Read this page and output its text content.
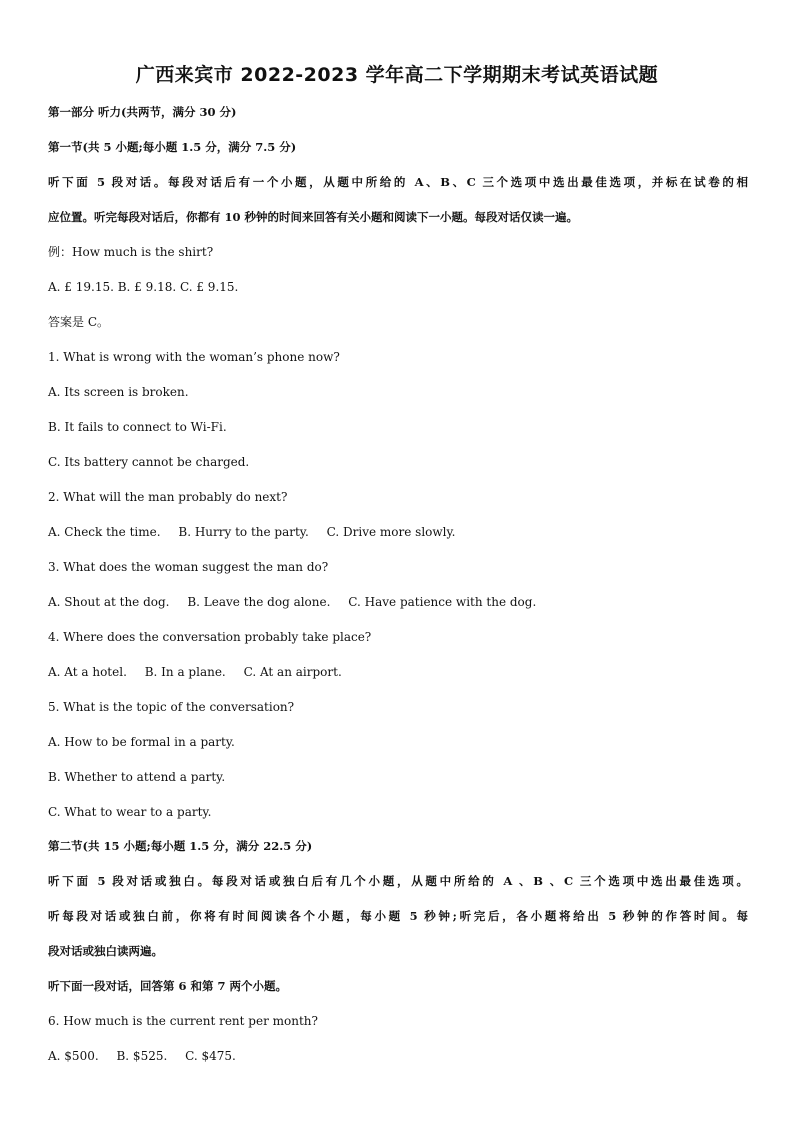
广西来宾市 2022-2023 学年高二下学期期末考试英语试题
第一部分 听力(共两节，满分 30 分)
第一节(共 5 小题;每小题 1.5 分，满分 7.5 分)
听下面 5 段对话。每段对话后有一个小题，从题中所给的 A、B、C 三个选项中选出最佳选项，并标在试卷的相
应位置。听完每段对话后，你都有 10 秒钟的时间来回答有关小题和阅读下一小题。每段对话仅读一遍。
例：How much is the shirt?
A. £ 19.15. B. £ 9.18. C. £ 9.15.
答案是 C。
1. What is wrong with the woman’s phone now?
A. Its screen is broken.
B. It fails to connect to Wi-Fi.
C. Its battery cannot be charged.
2. What will the man probably do next?
A. Check the time. B. Hurry to the party. C. Drive more slowly.
3. What does the woman suggest the man do?
A. Shout at the dog. B. Leave the dog alone. C. Have patience with the dog.
4. Where does the conversation probably take place?
A. At a hotel. B. In a plane. C. At an airport.
5. What is the topic of the conversation?
A. How to be formal in a party.
B. Whether to attend a party.
C. What to wear to a party.
第二节(共 15 小题;每小题 1.5 分，满分 22.5 分)
听下面 5 段对话或独白。每段对话或独白后有几个小题，从题中所给的 A 、B 、C 三个选项中选出最佳选项。
听每段对话或独白前，你将有时间阅读各个小题，每小题 5 秒钟;听完后，各小题将给出 5 秒钟的作答时间。每
段对话或独白读两遍。
听下面一段对话，回答第 6 和第 7 两个小题。
6. How much is the current rent per month?
A. $500. B. $525. C. $475.
